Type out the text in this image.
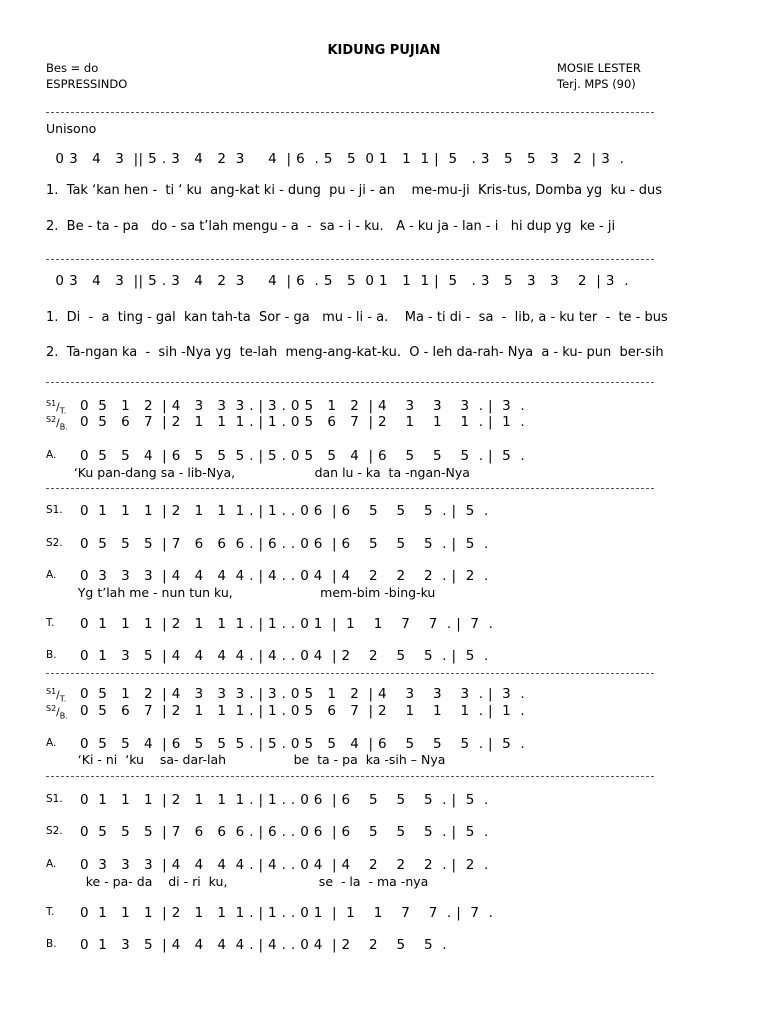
KIDUNG PUJIAN
Bes = do
ESPRESSINDO
MOSIE LESTER
Terj. MPS (90)
Unisono
0 3   4   3  || 5 . 3   4   2  3     4  | 6  . 5   5  0 1   1  1 |  5   . 3   5   5   3   2  | 3  .
1.  Tak ‘kan hen -  ti ‘ ku  ang-kat ki - dung  pu - ji - an    me-mu-ji  Kris-tus, Domba yg  ku - dus
2.  Be - ta - pa   do - sa t’lah mengu - a  -  sa - i - ku.   A - ku ja - lan - i   hi dup yg  ke - ji
0 3   4   3  || 5 . 3   4   2  3     4  | 6  . 5   5  0 1   1  1 |  5   . 3   5   3   3    2  | 3  .
1.  Di  -  a  ting - gal  kan tah-ta  Sor - ga   mu - li - a.    Ma - ti di -  sa  -  lib, a - ku ter  -  te - bus
2.  Ta-ngan ka  -  sih -Nya yg  te-lah  meng-ang-kat-ku.  O - leh da-rah- Nya  a - ku- pun  ber-sih

$^{S1}/_{T.}$

	0  5   1   2  | 4   3   3  3 . | 3 . 0 5   1   2  | 4    3    3    3  . |  3  .

$^{S2}/_{B.}$

0  5   6   7  | 2   1   1  1 . | 1 . 0 5   6   7  | 2    1    1    1  . |  1  .

A.

	0  5   5   4  | 6   5   5  5 . | 5 . 0 5   5   4  | 6    5    5    5  . |  5  .

‘Ku pan-dang sa - lib-Nya,                    dan lu - ka  ta -ngan-Nya

S1.

	0  1   1   1  | 2   1   1  1 . | 1 . . 0 6  | 6    5    5    5  . |  5  .

S2.

	0  5   5   5  | 7   6   6  6 . | 6 . . 0 6  | 6    5    5    5  . |  5  .

A.

	0  3   3   3  | 4   4   4  4 . | 4 . . 0 4  | 4    2    2    2  . |  2  .

Yg t’lah me - nun tun ku,                      mem-bim -bing-ku

T.

	0  1   1   1  | 2   1   1  1 . | 1 . . 0 1  |  1    1    7    7  . |  7  .

B.

	0  1   3   5  | 4   4   4  4 . | 4 . . 0 4  | 2    2    5    5  . |  5  .

$^{S1}/_{T.}$

	0  5   1   2  | 4   3   3  3 . | 3 . 0 5   1   2  | 4    3    3    3  . |  3  .

$^{S2}/_{B.}$

0  5   6   7  | 2   1   1  1 . | 1 . 0 5   6   7  | 2    1    1    1  . |  1  .

A.

	0  5   5   4  | 6   5   5  5 . | 5 . 0 5   5   4  | 6    5    5    5  . |  5  .

‘Ki - ni  ‘ku    sa- dar-lah                 be  ta - pa  ka -sih – Nya

S1.

	0  1   1   1  | 2   1   1  1 . | 1 . . 0 6  | 6    5    5    5  . |  5  .

S2.

	0  5   5   5  | 7   6   6  6 . | 6 . . 0 6  | 6    5    5    5  . |  5  .

A.

	0  3   3   3  | 4   4   4  4 . | 4 . . 0 4  | 4    2    2    2  . |  2  .

ke - pa- da    di - ri  ku,                       se  - la  - ma -nya

T.

	0  1   1   1  | 2   1   1  1 . | 1 . . 0 1  |  1    1    7    7  . |  7  .

B.

	0  1   3   5  | 4   4   4  4 . | 4 . . 0 4  | 2    2    5    5  .
